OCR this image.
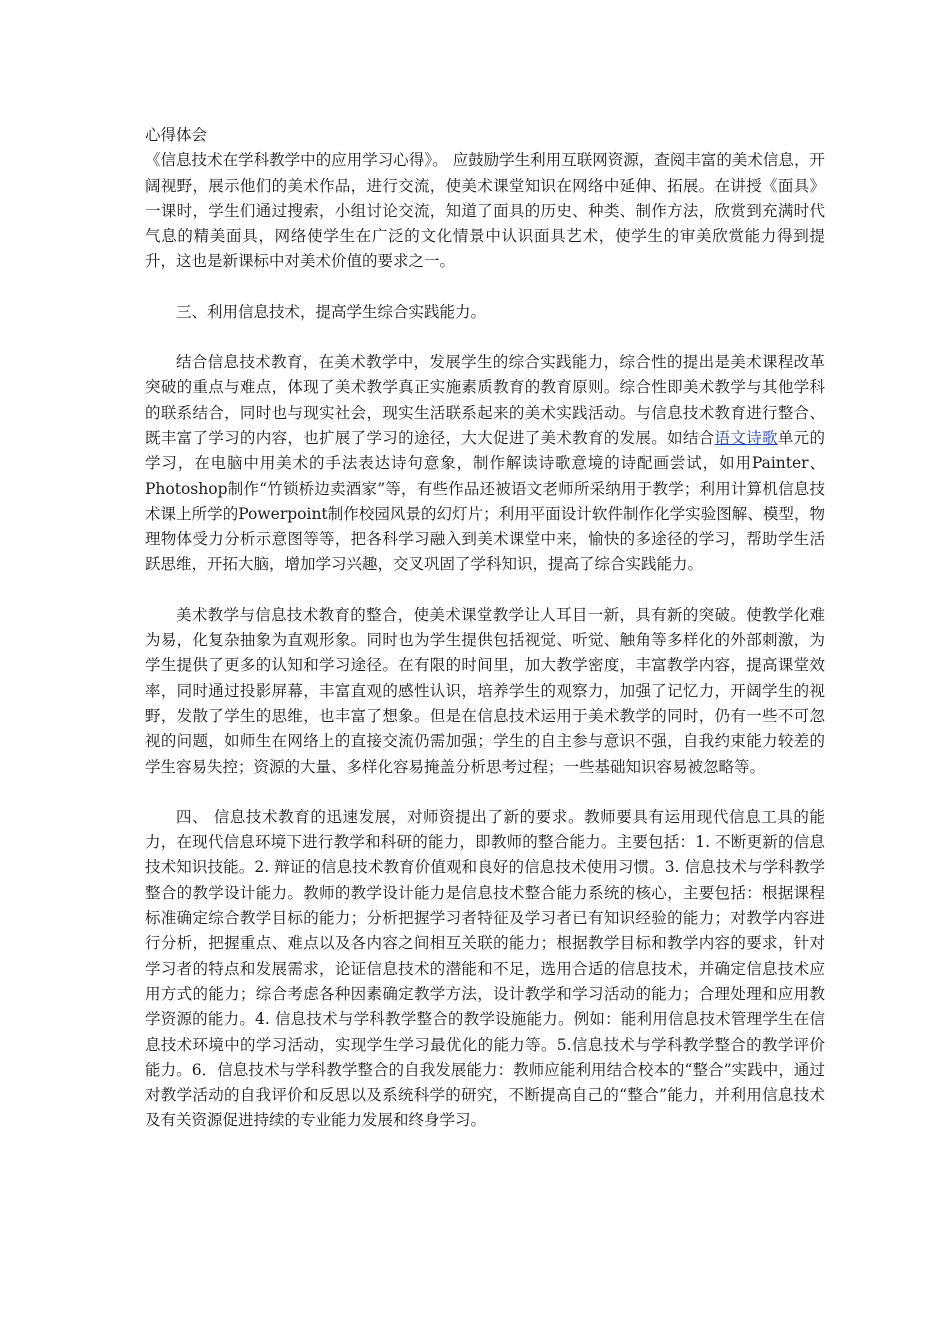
心得体会

《信息技术在学科教学中的应用学习心得》。 应鼓励学生利用互联网资源，查阅丰富的美术信息，开阔视野，展示他们的美术作品，进行交流，使美术课堂知识在网络中延伸、拓展。在讲授《面具》一课时，学生们通过搜索，小组讨论交流，知道了面具的历史、种类、制作方法，欣赏到充满时代气息的精美面具，网络使学生在广泛的文化情景中认识面具艺术，使学生的审美欣赏能力得到提升，这也是新课标中对美术价值的要求之一。

三、利用信息技术，提高学生综合实践能力。

结合信息技术教育，在美术教学中，发展学生的综合实践能力，综合性的提出是美术课程改革突破的重点与难点，体现了美术教学真正实施素质教育的教育原则。综合性即美术教学与其他学科的联系结合，同时也与现实社会，现实生活联系起来的美术实践活动。与信息技术教育进行整合、既丰富了学习的内容，也扩展了学习的途径，大大促进了美术教育的发展。如结合语文诗歌单元的学习，在电脑中用美术的手法表达诗句意象，制作解读诗歌意境的诗配画尝试，如用Painter、Photoshop制作“竹锁桥边卖酒家”等，有些作品还被语文老师所采纳用于教学；利用计算机信息技术课上所学的Powerpoint制作校园风景的幻灯片；利用平面设计软件制作化学实验图解、模型，物理物体受力分析示意图等等，把各科学习融入到美术课堂中来，愉快的多途径的学习，帮助学生活跃思维，开拓大脑，增加学习兴趣，交叉巩固了学科知识，提高了综合实践能力。

美术教学与信息技术教育的整合，使美术课堂教学让人耳目一新，具有新的突破。使教学化难为易，化复杂抽象为直观形象。同时也为学生提供包括视觉、听觉、触角等多样化的外部刺激，为学生提供了更多的认知和学习途径。在有限的时间里，加大教学密度，丰富教学内容，提高课堂效率，同时通过投影屏幕，丰富直观的感性认识，培养学生的观察力，加强了记忆力，开阔学生的视野，发散了学生的思维，也丰富了想象。但是在信息技术运用于美术教学的同时，仍有一些不可忽视的问题，如师生在网络上的直接交流仍需加强；学生的自主参与意识不强，自我约束能力较差的学生容易失控；资源的大量、多样化容易掩盖分析思考过程；一些基础知识容易被忽略等。

四、 信息技术教育的迅速发展，对师资提出了新的要求。教师要具有运用现代信息工具的能力，在现代信息环境下进行教学和科研的能力，即教师的整合能力。主要包括：1. 不断更新的信息技术知识技能。2. 辩证的信息技术教育价值观和良好的信息技术使用习惯。3. 信息技术与学科教学整合的教学设计能力。教师的教学设计能力是信息技术整合能力系统的核心，主要包括：根据课程标准确定综合教学目标的能力；分析把握学习者特征及学习者已有知识经验的能力；对教学内容进行分析，把握重点、难点以及各内容之间相互关联的能力；根据教学目标和教学内容的要求，针对学习者的特点和发展需求，论证信息技术的潜能和不足，选用合适的信息技术，并确定信息技术应用方式的能力；综合考虑各种因素确定教学方法，设计教学和学习活动的能力；合理处理和应用教学资源的能力。4. 信息技术与学科教学整合的教学设施能力。例如：能利用信息技术管理学生在信息技术环境中的学习活动，实现学生学习最优化的能力等。5.信息技术与学科教学整合的教学评价能力。6．信息技术与学科教学整合的自我发展能力：教师应能利用结合校本的“整合”实践中，通过对教学活动的自我评价和反思以及系统科学的研究，不断提高自己的“整合”能力，并利用信息技术及有关资源促进持续的专业能力发展和终身学习。
